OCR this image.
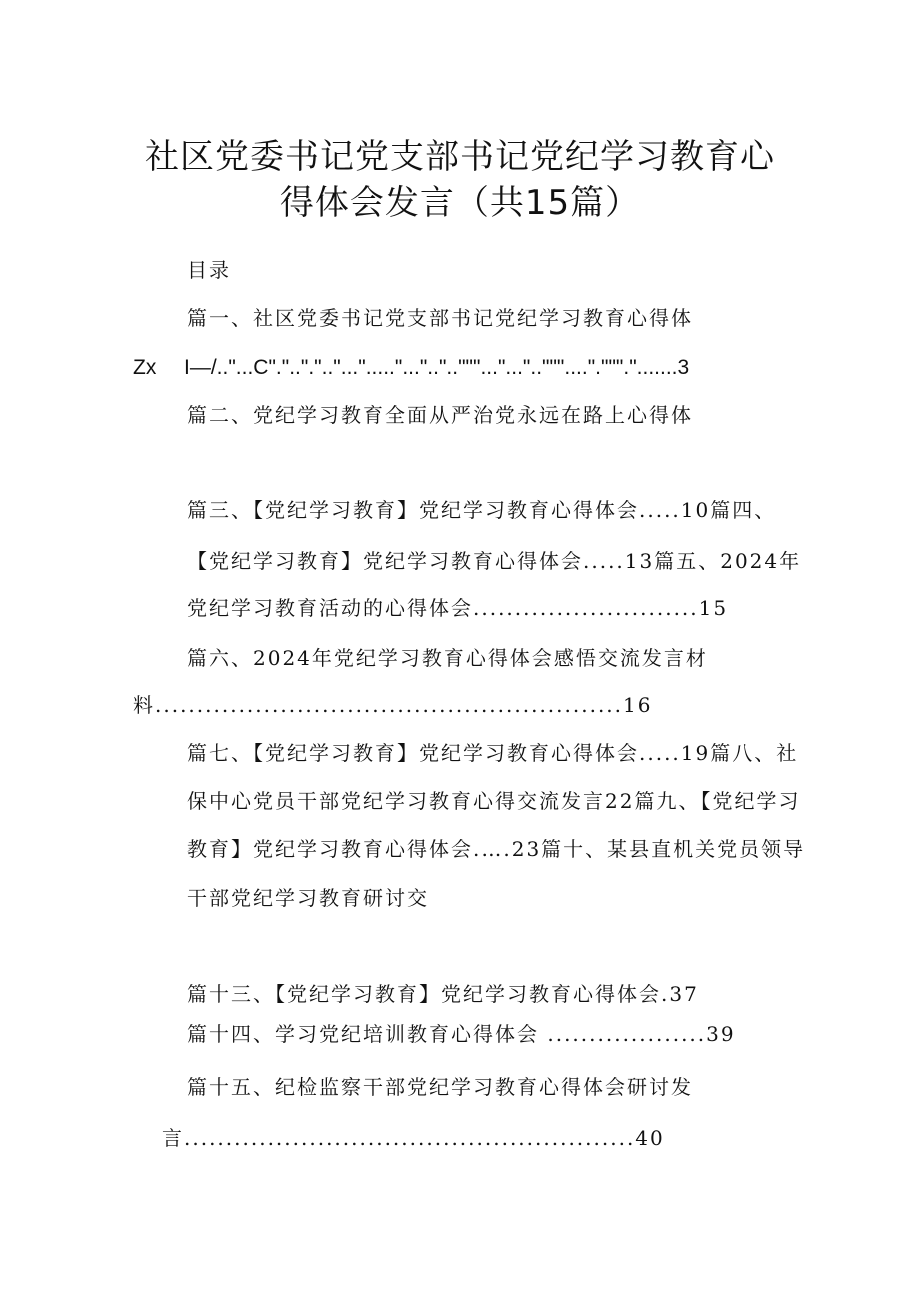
社区党委书记党支部书记党纪学习教育心
得体会发言（共15篇）
目录
篇一、社区党委书记党支部书记党纪学习教育心得体
Zx I—/.."...C"."..".".."..."....."..."..".."""..."...".."""....".""".".......3
篇二、党纪学习教育全面从严治党永远在路上心得体
篇三、【党纪学习教育】党纪学习教育心得体会.....10篇四、
【党纪学习教育】党纪学习教育心得体会.....13篇五、2024年
党纪学习教育活动的心得体会...........................15
篇六、2024年党纪学习教育心得体会感悟交流发言材
料........................................................16
篇七、【党纪学习教育】党纪学习教育心得体会.....19篇八、社
保中心党员干部党纪学习教育心得交流发言22篇九、【党纪学习
教育】党纪学习教育心得体会.….23篇十、某县直机关党员领导
干部党纪学习教育研讨交
篇十三、【党纪学习教育】党纪学习教育心得体会.37
篇十四、学习党纪培训教育心得体会 ...................39
篇十五、纪检监察干部党纪学习教育心得体会研讨发
言......................................................40
